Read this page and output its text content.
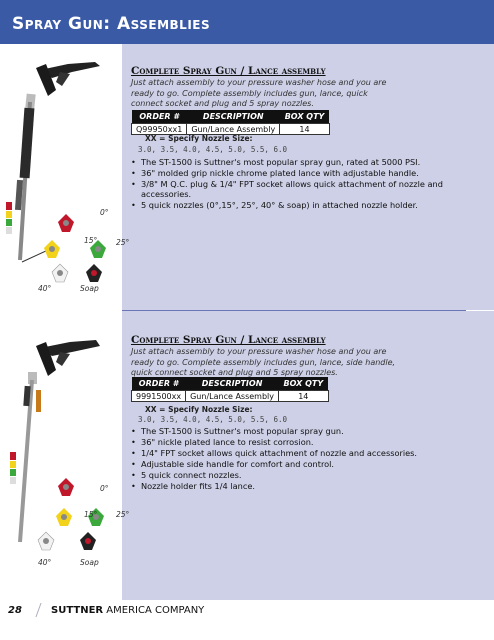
Spray Gun: Assemblies
0°
15° 25°
40°	Soap
Complete Spray Gun / Lance assembly
Just attach assembly to your pressure washer hose and you are ready to go. Complete assembly includes gun, lance, quick connect socket and plug and 5 spray nozzles.
ORDER #	DESCRIPTION	BOX QTY
Q99950xx1	Gun/Lance Assembly	14
XX = Specify Nozzle Size:
3.0, 3.5, 4.0, 4.5, 5.0, 5.5, 6.0
• The ST-1500 is Suttner's most popular spray gun, rated at 5000 PSI.
• 36" molded grip nickle chrome plated lance with adjustable handle.
• 3/8" M Q.C. plug & 1/4" FPT socket allows quick attachment of nozzle and accessories.
• 5 quick nozzles (0°,15°, 25°, 40° & soap) in attached nozzle holder.
0°
15° 25°
40°	Soap
Complete Spray Gun / Lance assembly
Just attach assembly to your pressure washer hose and you are ready to go. Complete assembly includes gun, lance, side handle, quick connect socket and plug and 5 spray nozzles.
ORDER #	DESCRIPTION	BOX QTY
9991500xx	Gun/Lance Assembly	14
XX = Specify Nozzle Size:
3.0, 3.5, 4.0, 4.5, 5.0, 5.5, 6.0
• The ST-1500 is Suttner's most popular spray gun.
• 36" nickle plated lance to resist corrosion.
• 1/4" FPT socket allows quick attachment of nozzle and accessories.
• Adjustable side handle for comfort and control.
• 5 quick connect nozzles.
• Nozzle holder fits 1/4 lance.
28	SUTTNER AMERICA COMPANY
